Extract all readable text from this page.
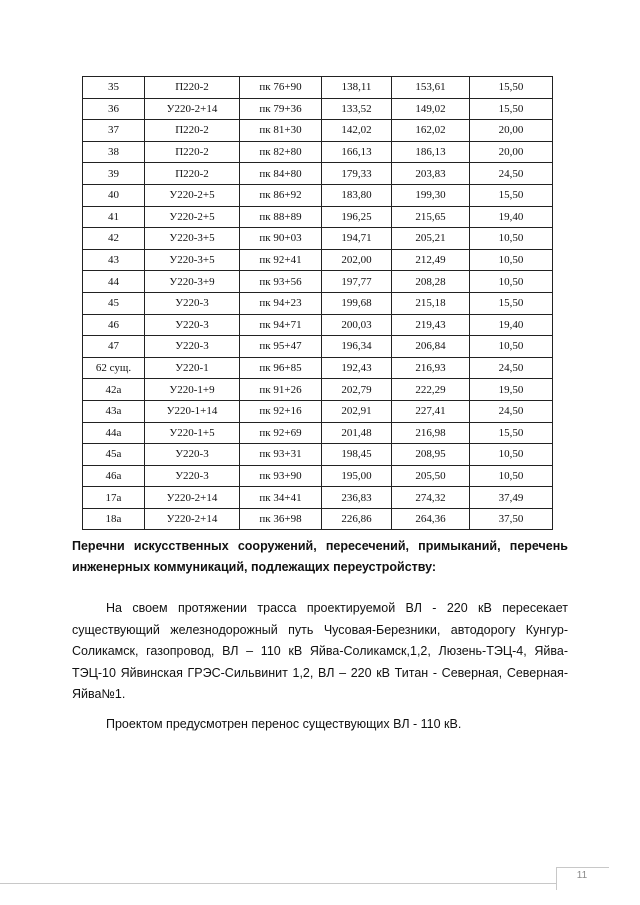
35	П220-2	пк 76+90	138,11	153,61	15,50
36	У220-2+14	пк 79+36	133,52	149,02	15,50
37	П220-2	пк 81+30	142,02	162,02	20,00
38	П220-2	пк 82+80	166,13	186,13	20,00
39	П220-2	пк 84+80	179,33	203,83	24,50
40	У220-2+5	пк 86+92	183,80	199,30	15,50
41	У220-2+5	пк 88+89	196,25	215,65	19,40
42	У220-3+5	пк 90+03	194,71	205,21	10,50
43	У220-3+5	пк 92+41	202,00	212,49	10,50
44	У220-3+9	пк 93+56	197,77	208,28	10,50
45	У220-3	пк 94+23	199,68	215,18	15,50
46	У220-3	пк 94+71	200,03	219,43	19,40
47	У220-3	пк 95+47	196,34	206,84	10,50
62 сущ.	У220-1	пк 96+85	192,43	216,93	24,50
42а	У220-1+9	пк 91+26	202,79	222,29	19,50
43а	У220-1+14	пк 92+16	202,91	227,41	24,50
44а	У220-1+5	пк 92+69	201,48	216,98	15,50
45а	У220-3	пк 93+31	198,45	208,95	10,50
46а	У220-3	пк 93+90	195,00	205,50	10,50
17а	У220-2+14	пк 34+41	236,83	274,32	37,49
18а	У220-2+14	пк 36+98	226,86	264,36	37,50
Перечни искусственных сооружений, пересечений, примыканий, перечень инженерных коммуникаций, подлежащих переустройству:
На своем протяжении трасса проектируемой ВЛ - 220 кВ пересекает существующий железнодорожный путь Чусовая-Березники, автодорогу Кунгур-Соликамск, газопровод, ВЛ – 110 кВ Яйва-Соликамск,1,2, Люзень-ТЭЦ-4, Яйва-ТЭЦ-10 Яйвинская ГРЭС-Сильвинит 1,2, ВЛ – 220 кВ Титан - Северная, Северная-Яйва№1.
Проектом предусмотрен перенос существующих ВЛ - 110 кВ.
11
